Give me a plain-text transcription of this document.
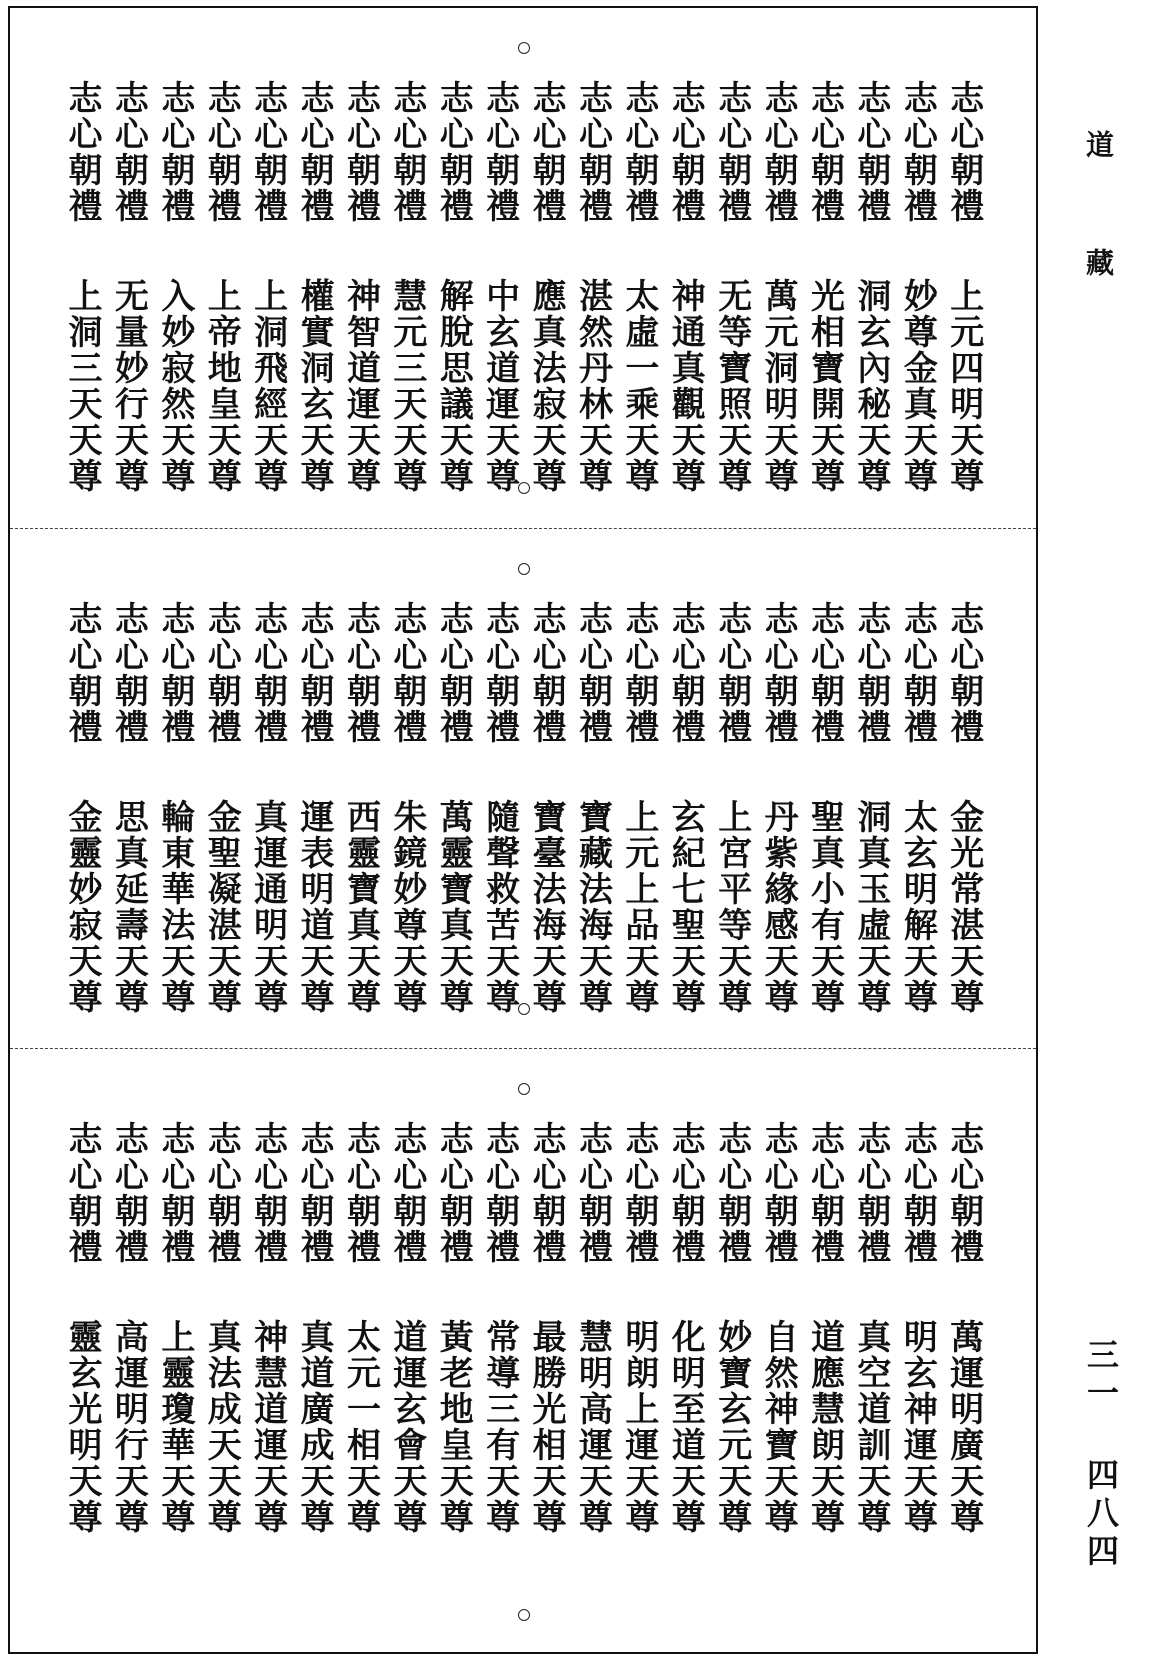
志心朝禮
上元四明天尊
志心朝禮
妙尊金真天尊
志心朝禮
洞玄內秘天尊
志心朝禮
光相寶開天尊
志心朝禮
萬元洞明天尊
志心朝禮
无等寶照天尊
志心朝禮
神通真觀天尊
志心朝禮
太虛一乘天尊
志心朝禮
湛然丹林天尊
志心朝禮
應真法寂天尊
志心朝禮
中玄道運天尊
志心朝禮
解脫思議天尊
志心朝禮
慧元三天天尊
志心朝禮
神智道運天尊
志心朝禮
權實洞玄天尊
志心朝禮
上洞飛經天尊
志心朝禮
上帝地皇天尊
志心朝禮
入妙寂然天尊
志心朝禮
无量妙行天尊
志心朝禮
上洞三天天尊
志心朝禮
金光常湛天尊
志心朝禮
太玄明解天尊
志心朝禮
洞真玉虛天尊
志心朝禮
聖真小有天尊
志心朝禮
丹紫緣感天尊
志心朝禮
上宮平等天尊
志心朝禮
玄紀七聖天尊
志心朝禮
上元上品天尊
志心朝禮
寶藏法海天尊
志心朝禮
寶臺法海天尊
志心朝禮
隨聲救苦天尊
志心朝禮
萬靈寶真天尊
志心朝禮
朱鏡妙尊天尊
志心朝禮
西靈寶真天尊
志心朝禮
運表明道天尊
志心朝禮
真運通明天尊
志心朝禮
金聖凝湛天尊
志心朝禮
輪東華法天尊
志心朝禮
思真延壽天尊
志心朝禮
金靈妙寂天尊
志心朝禮
萬運明廣天尊
志心朝禮
明玄神運天尊
志心朝禮
真空道訓天尊
志心朝禮
道應慧朗天尊
志心朝禮
自然神寶天尊
志心朝禮
妙寶玄元天尊
志心朝禮
化明至道天尊
志心朝禮
明朗上運天尊
志心朝禮
慧明高運天尊
志心朝禮
最勝光相天尊
志心朝禮
常導三有天尊
志心朝禮
黃老地皇天尊
志心朝禮
道運玄會天尊
志心朝禮
太元一相天尊
志心朝禮
真道廣成天尊
志心朝禮
神慧道運天尊
志心朝禮
真法成天天尊
志心朝禮
上靈瓊華天尊
志心朝禮
高運明行天尊
志心朝禮
靈玄光明天尊
道
藏
三一 四八四
